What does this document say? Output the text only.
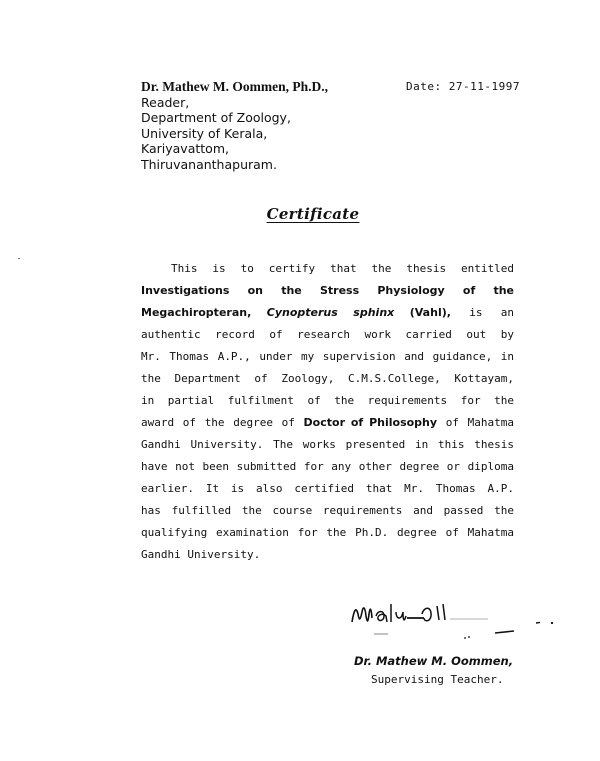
Dr. Mathew M. Oommen, Ph.D.,
Reader,
Department of Zoology,
University of Kerala,
Kariyavattom,
Thiruvananthapuram.
Date: 27-11-1997
Certificate
This is to certify that the thesis entitled
Investigations on the Stress Physiology of the
Megachiropteran, Cynopterus sphinx (Vahl), is an
authentic record of research work carried out by
Mr. Thomas A.P., under my supervision and guidance, in
the Department of Zoology, C.M.S.College, Kottayam,
in partial fulfilment of the requirements for the
award of the degree of Doctor of Philosophy of Mahatma
Gandhi University. The works presented in this thesis
have not been submitted for any other degree or diploma
earlier. It is also certified that Mr. Thomas A.P.
has fulfilled the course requirements and passed the
qualifying examination for the Ph.D. degree of Mahatma
Gandhi University.
Dr. Mathew M. Oommen,
Supervising Teacher.
